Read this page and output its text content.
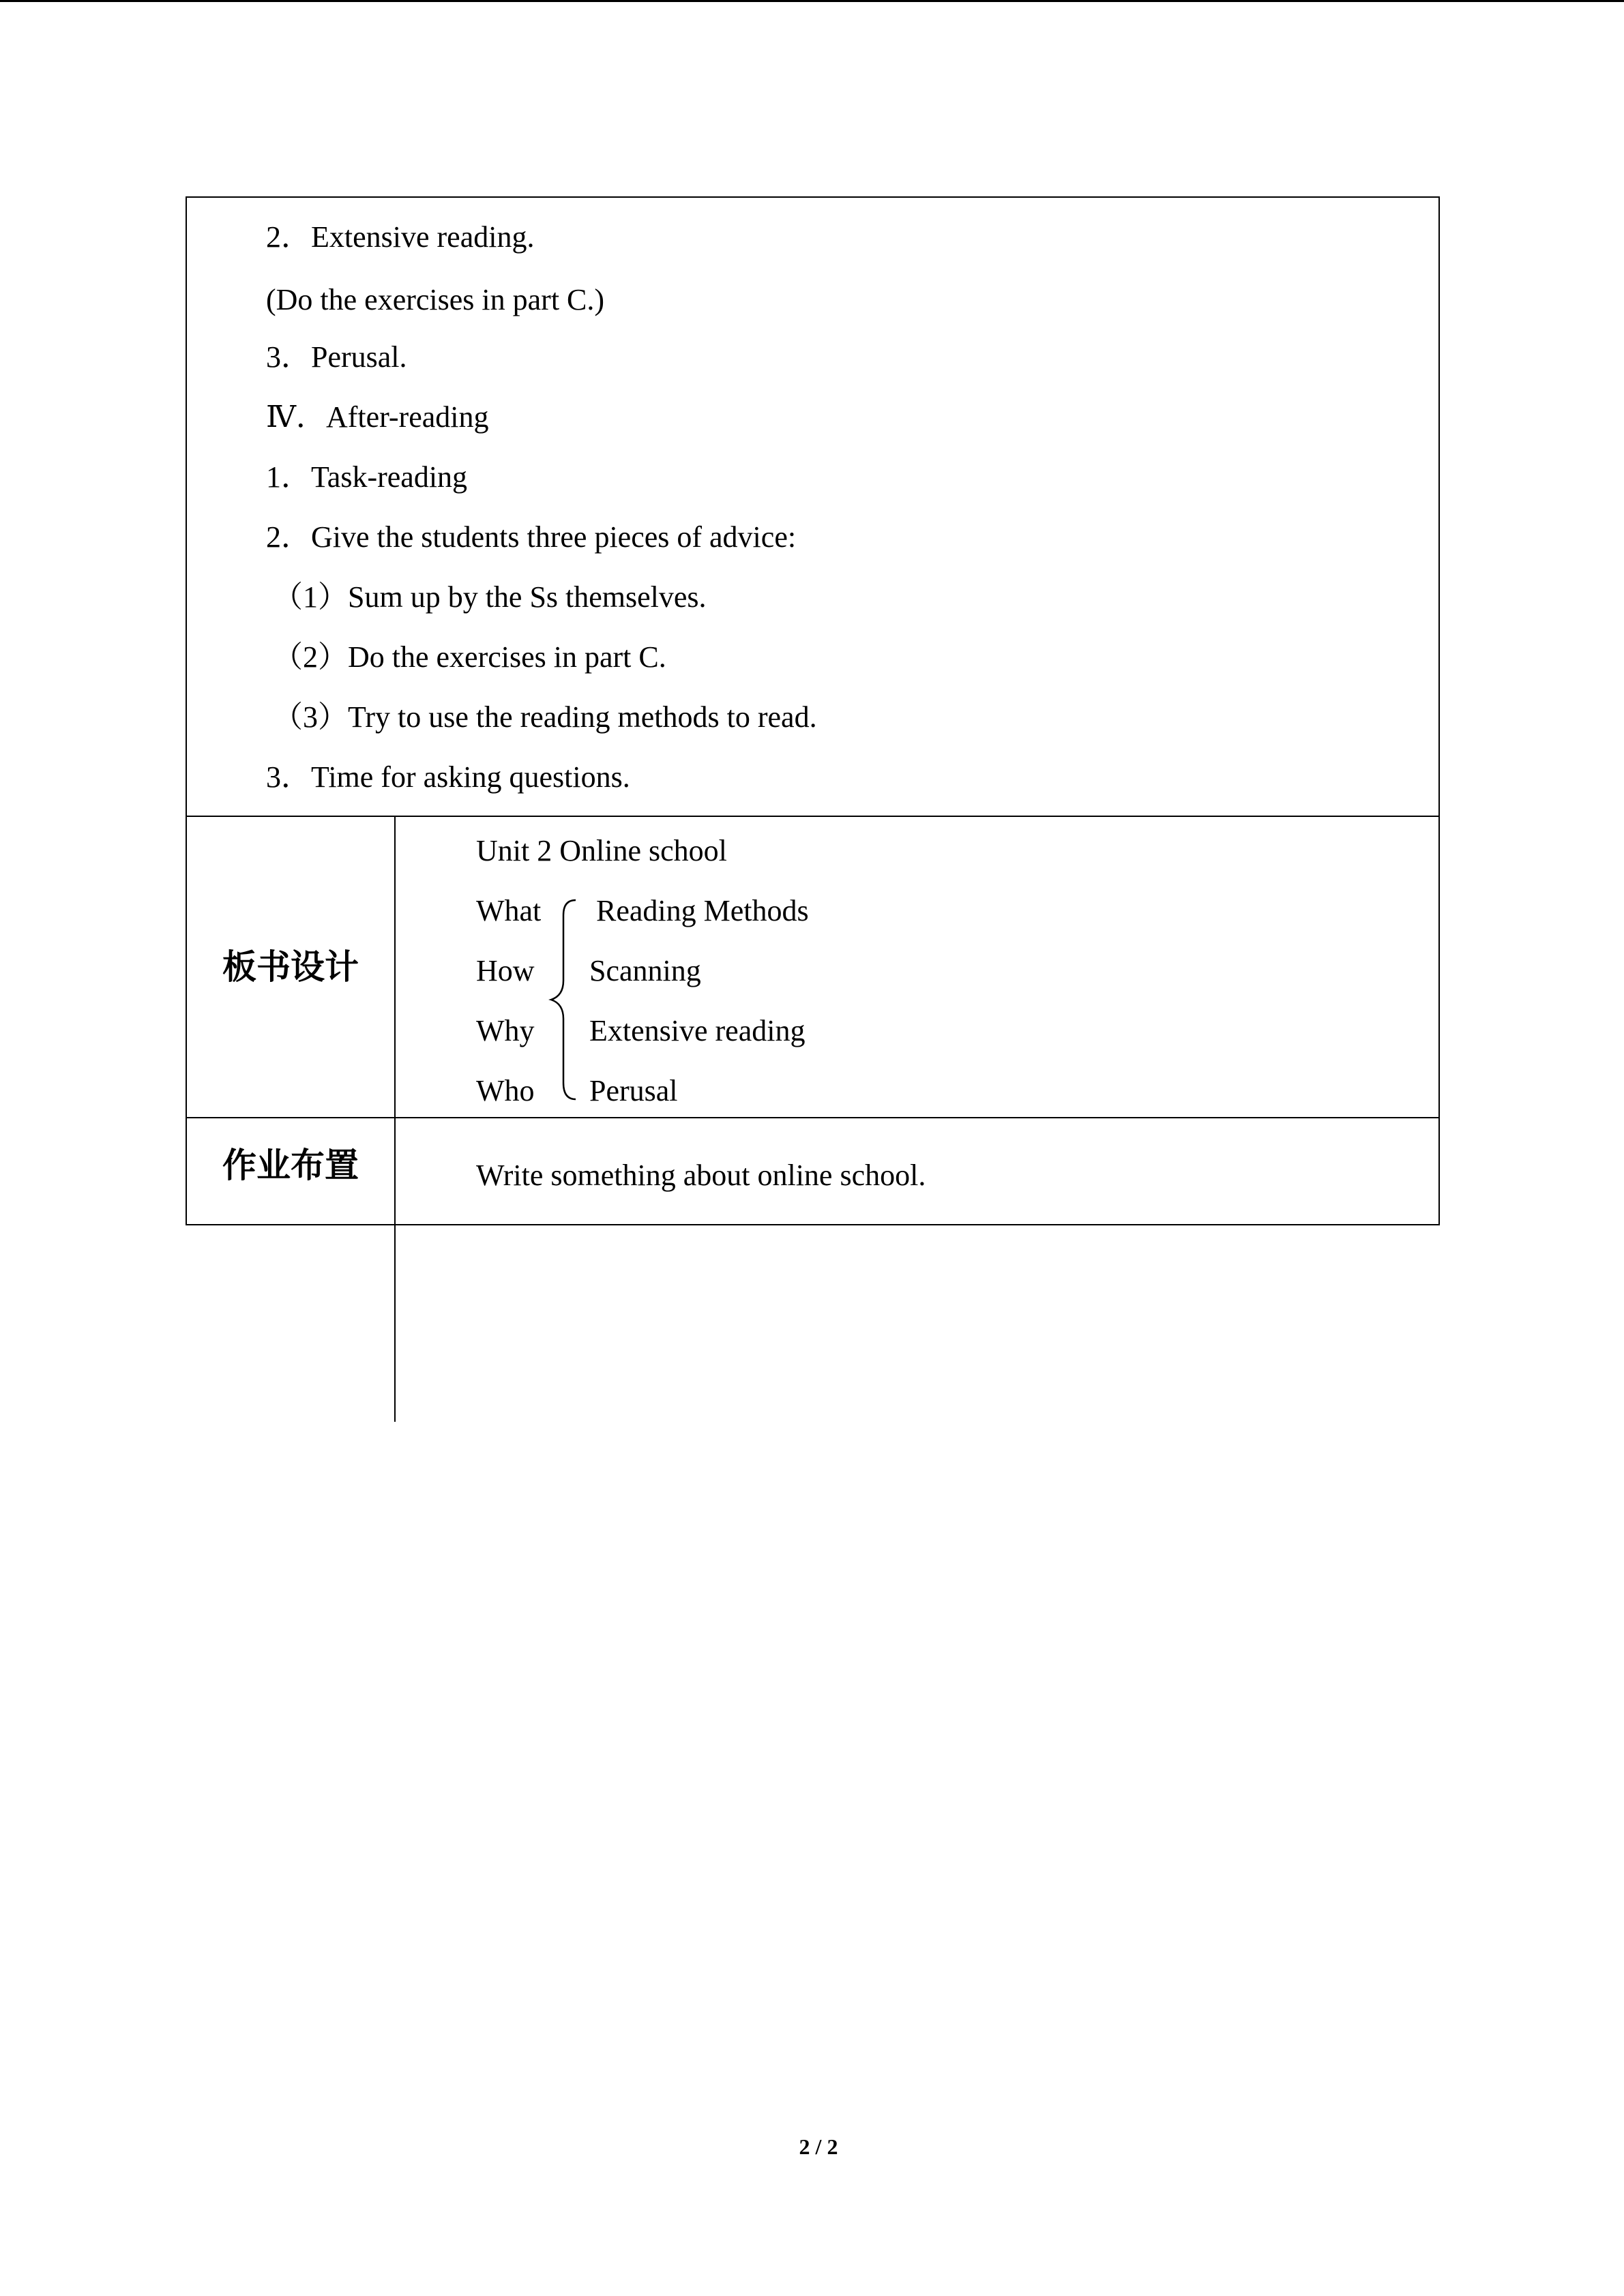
2．Extensive reading.
(Do the exercises in part C.)
3．Perusal.
Ⅳ．After-reading
1．Task-reading
2．Give the students three pieces of advice:
（1）Sum up by the Ss themselves.
（2）Do the exercises in part C.
（3）Try to use the reading methods to read.
3．Time for asking questions.
板书设计
Unit 2 Online school
What
How
Why
Who
Reading Methods
Scanning
Extensive reading
Perusal
作业布置	Write something about online school.
2 / 2
